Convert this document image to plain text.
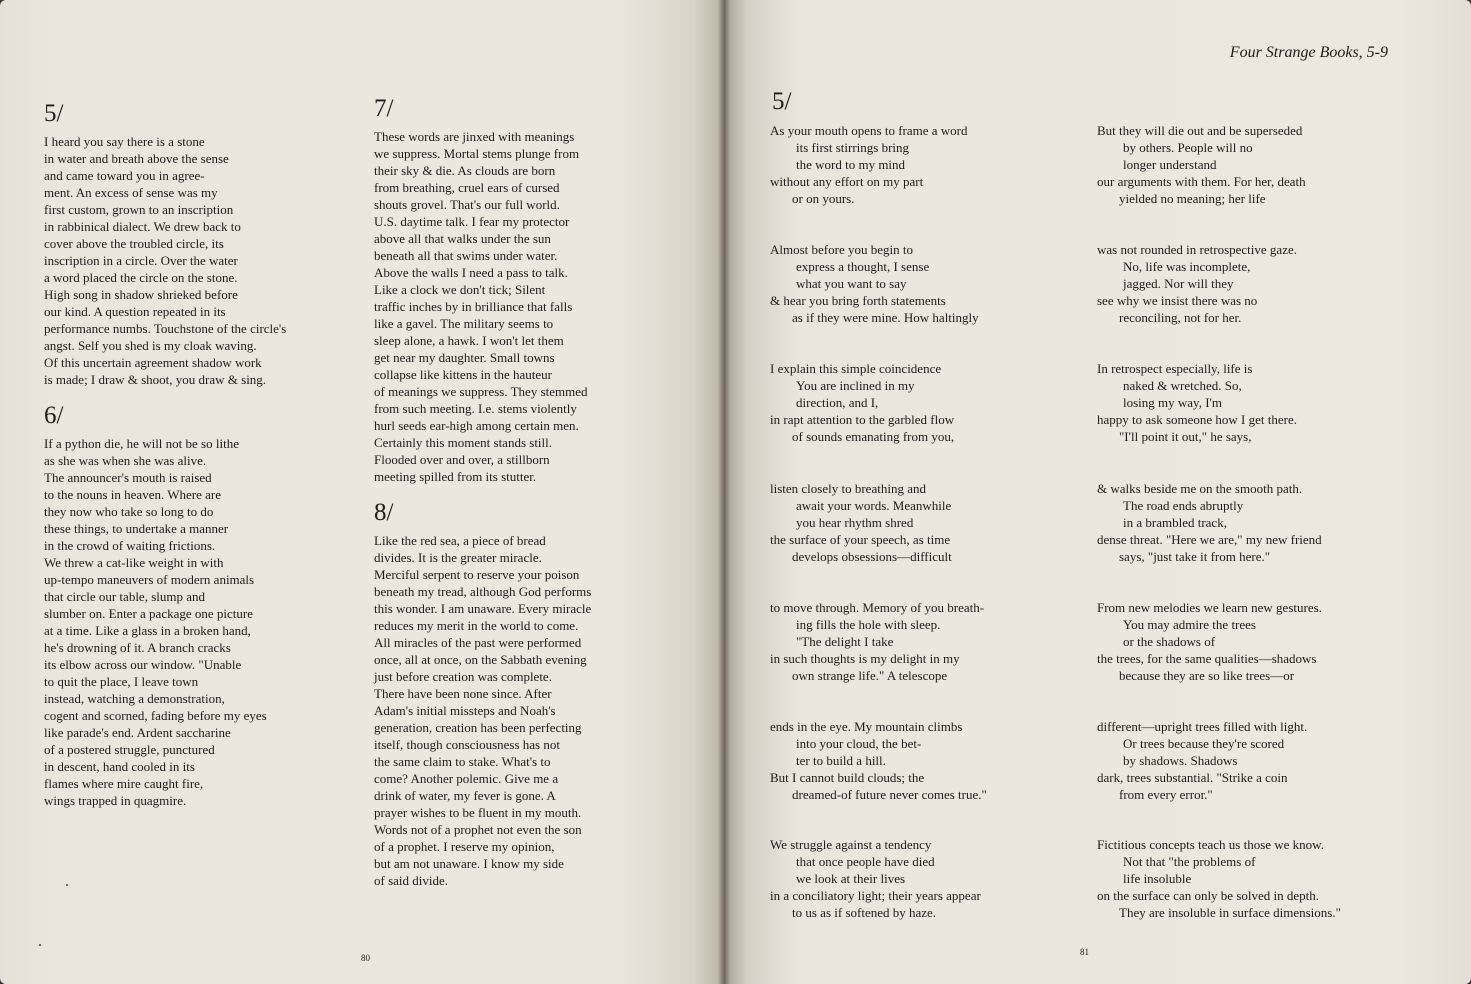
5/
I heard you say there is a stone
in water and breath above the sense
and came toward you in agree-
ment. An excess of sense was my
first custom, grown to an inscription
in rabbinical dialect. We drew back to
cover above the troubled circle, its
inscription in a circle. Over the water
a word placed the circle on the stone.
High song in shadow shrieked before
our kind. A question repeated in its
performance numbs. Touchstone of the circle's
angst. Self you shed is my cloak waving.
Of this uncertain agreement shadow work
is made; I draw & shoot, you draw & sing.
6/
If a python die, he will not be so lithe
as she was when she was alive.
The announcer's mouth is raised
to the nouns in heaven. Where are
they now who take so long to do
these things, to undertake a manner
in the crowd of waiting frictions.
We threw a cat-like weight in with
up-tempo maneuvers of modern animals
that circle our table, slump and
slumber on. Enter a package one picture
at a time. Like a glass in a broken hand,
he's drowning of it. A branch cracks
its elbow across our window. "Unable
to quit the place, I leave town
instead, watching a demonstration,
cogent and scorned, fading before my eyes
like parade's end. Ardent saccharine
of a postered struggle, punctured
in descent, hand cooled in its
flames where mire caught fire,
wings trapped in quagmire.
7/
These words are jinxed with meanings
we suppress. Mortal stems plunge from
their sky & die. As clouds are born
from breathing, cruel ears of cursed
shouts grovel. That's our full world.
U.S. daytime talk. I fear my protector
above all that walks under the sun
beneath all that swims under water.
Above the walls I need a pass to talk.
Like a clock we don't tick; Silent
traffic inches by in brilliance that falls
like a gavel. The military seems to
sleep alone, a hawk. I won't let them
get near my daughter. Small towns
collapse like kittens in the hauteur
of meanings we suppress. They stemmed
from such meeting. I.e. stems violently
hurl seeds ear-high among certain men.
Certainly this moment stands still.
Flooded over and over, a stillborn
meeting spilled from its stutter.
8/
Like the red sea, a piece of bread
divides. It is the greater miracle.
Merciful serpent to reserve your poison
beneath my tread, although God performs
this wonder. I am unaware. Every miracle
reduces my merit in the world to come.
All miracles of the past were performed
once, all at once, on the Sabbath evening
just before creation was complete.
There have been none since. After
Adam's initial missteps and Noah's
generation, creation has been perfecting
itself, though consciousness has not
the same claim to stake. What's to
come? Another polemic. Give me a
drink of water, my fever is gone. A
prayer wishes to be fluent in my mouth.
Words not of a prophet not even the son
of a prophet. I reserve my opinion,
but am not unaware. I know my side
of said divide.
80
Four Strange Books, 5-9
5/
As your mouth opens to frame a word
its first stirrings bring
the word to my mind
without any effort on my part
or on yours.
Almost before you begin to
express a thought, I sense
what you want to say
& hear you bring forth statements
as if they were mine. How haltingly
I explain this simple coincidence
You are inclined in my
direction, and I,
in rapt attention to the garbled flow
of sounds emanating from you,
listen closely to breathing and
await your words. Meanwhile
you hear rhythm shred
the surface of your speech, as time
develops obsessions—difficult
to move through. Memory of you breath-
ing fills the hole with sleep.
"The delight I take
in such thoughts is my delight in my
own strange life." A telescope
ends in the eye. My mountain climbs
into your cloud, the bet-
ter to build a hill.
But I cannot build clouds; the
dreamed-of future never comes true."
We struggle against a tendency
that once people have died
we look at their lives
in a conciliatory light; their years appear
to us as if softened by haze.
But they will die out and be superseded
by others. People will no
longer understand
our arguments with them. For her, death
yielded no meaning; her life
was not rounded in retrospective gaze.
No, life was incomplete,
jagged. Nor will they
see why we insist there was no
reconciling, not for her.
In retrospect especially, life is
naked & wretched. So,
losing my way, I'm
happy to ask someone how I get there.
"I'll point it out," he says,
& walks beside me on the smooth path.
The road ends abruptly
in a brambled track,
dense threat. "Here we are," my new friend
says, "just take it from here."
From new melodies we learn new gestures.
You may admire the trees
or the shadows of
the trees, for the same qualities—shadows
because they are so like trees—or
different—upright trees filled with light.
Or trees because they're scored
by shadows. Shadows
dark, trees substantial. "Strike a coin
from every error."
Fictitious concepts teach us those we know.
Not that "the problems of
life insoluble
on the surface can only be solved in depth.
They are insoluble in surface dimensions."
81
